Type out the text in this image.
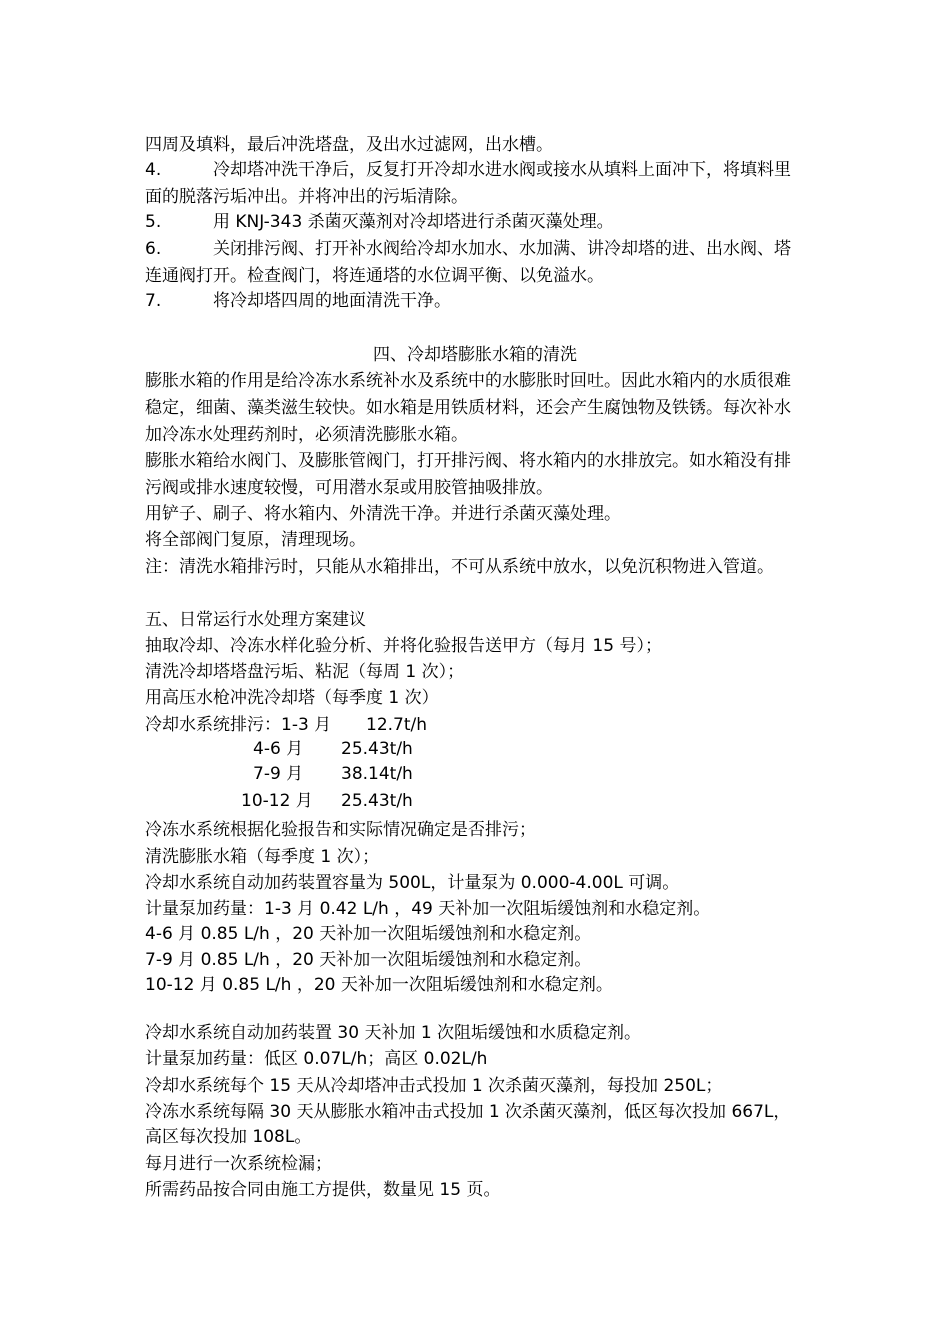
四周及填料，最后冲洗塔盘，及出水过滤网，出水槽。
4.	冷却塔冲洗干净后，反复打开冷却水进水阀或接水从填料上面冲下，将填料里
面的脱落污垢冲出。并将冲出的污垢清除。
5.	用 KNJ-343 杀菌灭藻剂对冷却塔进行杀菌灭藻处理。
6.	关闭排污阀、打开补水阀给冷却水加水、水加满、讲冷却塔的进、出水阀、塔
连通阀打开。检查阀门，将连通塔的水位调平衡、以免溢水。
7.	将冷却塔四周的地面清洗干净。
四、冷却塔膨胀水箱的清洗
膨胀水箱的作用是给冷冻水系统补水及系统中的水膨胀时回吐。因此水箱内的水质很难
稳定，细菌、藻类滋生较快。如水箱是用铁质材料，还会产生腐蚀物及铁锈。每次补水
加冷冻水处理药剂时，必须清洗膨胀水箱。
膨胀水箱给水阀门、及膨胀管阀门，打开排污阀、将水箱内的水排放完。如水箱没有排
污阀或排水速度较慢，可用潜水泵或用胶管抽吸排放。
用铲子、刷子、将水箱内、外清洗干净。并进行杀菌灭藻处理。
将全部阀门复原，清理现场。
注：清洗水箱排污时，只能从水箱排出，不可从系统中放水，以免沉积物进入管道。
五、日常运行水处理方案建议
抽取冷却、冷冻水样化验分析、并将化验报告送甲方（每月 15 号）；
清洗冷却塔塔盘污垢、粘泥（每周 1 次）；
用高压水枪冲洗冷却塔（每季度 1 次）
冷却水系统排污：1-3 月 12.7t/h
4-6 月 25.43t/h
7-9 月 38.14t/h
10-12 月 25.43t/h
冷冻水系统根据化验报告和实际情况确定是否排污；
清洗膨胀水箱（每季度 1 次）；
冷却水系统自动加药装置容量为 500L，计量泵为 0.000-4.00L 可调。
计量泵加药量：1-3 月 0.42 L/h ，49 天补加一次阻垢缓蚀剂和水稳定剂。
4-6 月 0.85 L/h ，20 天补加一次阻垢缓蚀剂和水稳定剂。
7-9 月 0.85 L/h ，20 天补加一次阻垢缓蚀剂和水稳定剂。
10-12 月 0.85 L/h ，20 天补加一次阻垢缓蚀剂和水稳定剂。
冷却水系统自动加药装置 30 天补加 1 次阻垢缓蚀和水质稳定剂。
计量泵加药量：低区 0.07L/h；高区 0.02L/h
冷却水系统每个 15 天从冷却塔冲击式投加 1 次杀菌灭藻剂，每投加 250L；
冷冻水系统每隔 30 天从膨胀水箱冲击式投加 1 次杀菌灭藻剂，低区每次投加 667L，
高区每次投加 108L。
每月进行一次系统检漏；
所需药品按合同由施工方提供，数量见 15 页。
